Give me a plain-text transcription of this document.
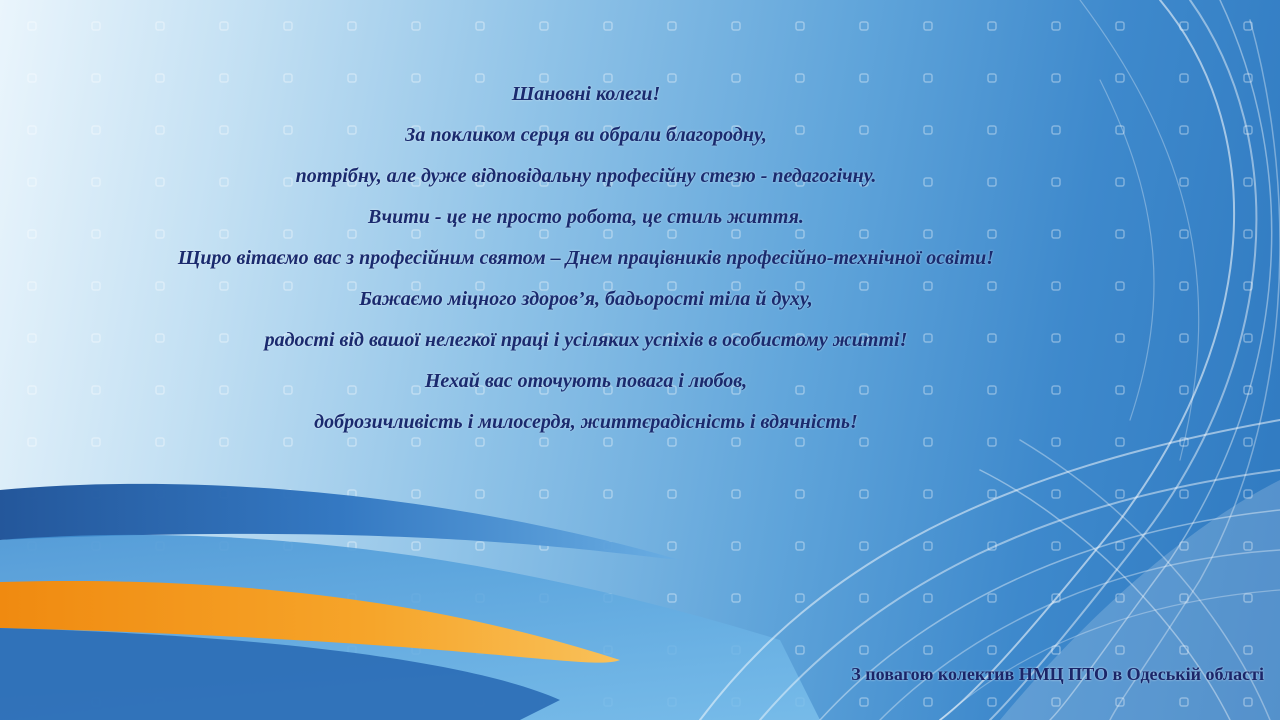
Шановні колеги!
За покликом серця ви обрали благородну,
потрібну, але дуже відповідальну професійну стезю - педагогічну.
Вчити - це не просто робота, це стиль життя.
Щиро вітаємо вас з професійним святом – Днем працівників професійно-технічної освіти!
Бажаємо міцного здоров’я, бадьорості тіла й духу,
радості від вашої нелегкої праці і усіляких успіхів в особистому житті!
Нехай вас оточують повага і любов,
доброзичливість і милосердя, життєрадісність і вдячність!
З повагою колектив НМЦ ПТО в Одеській області
